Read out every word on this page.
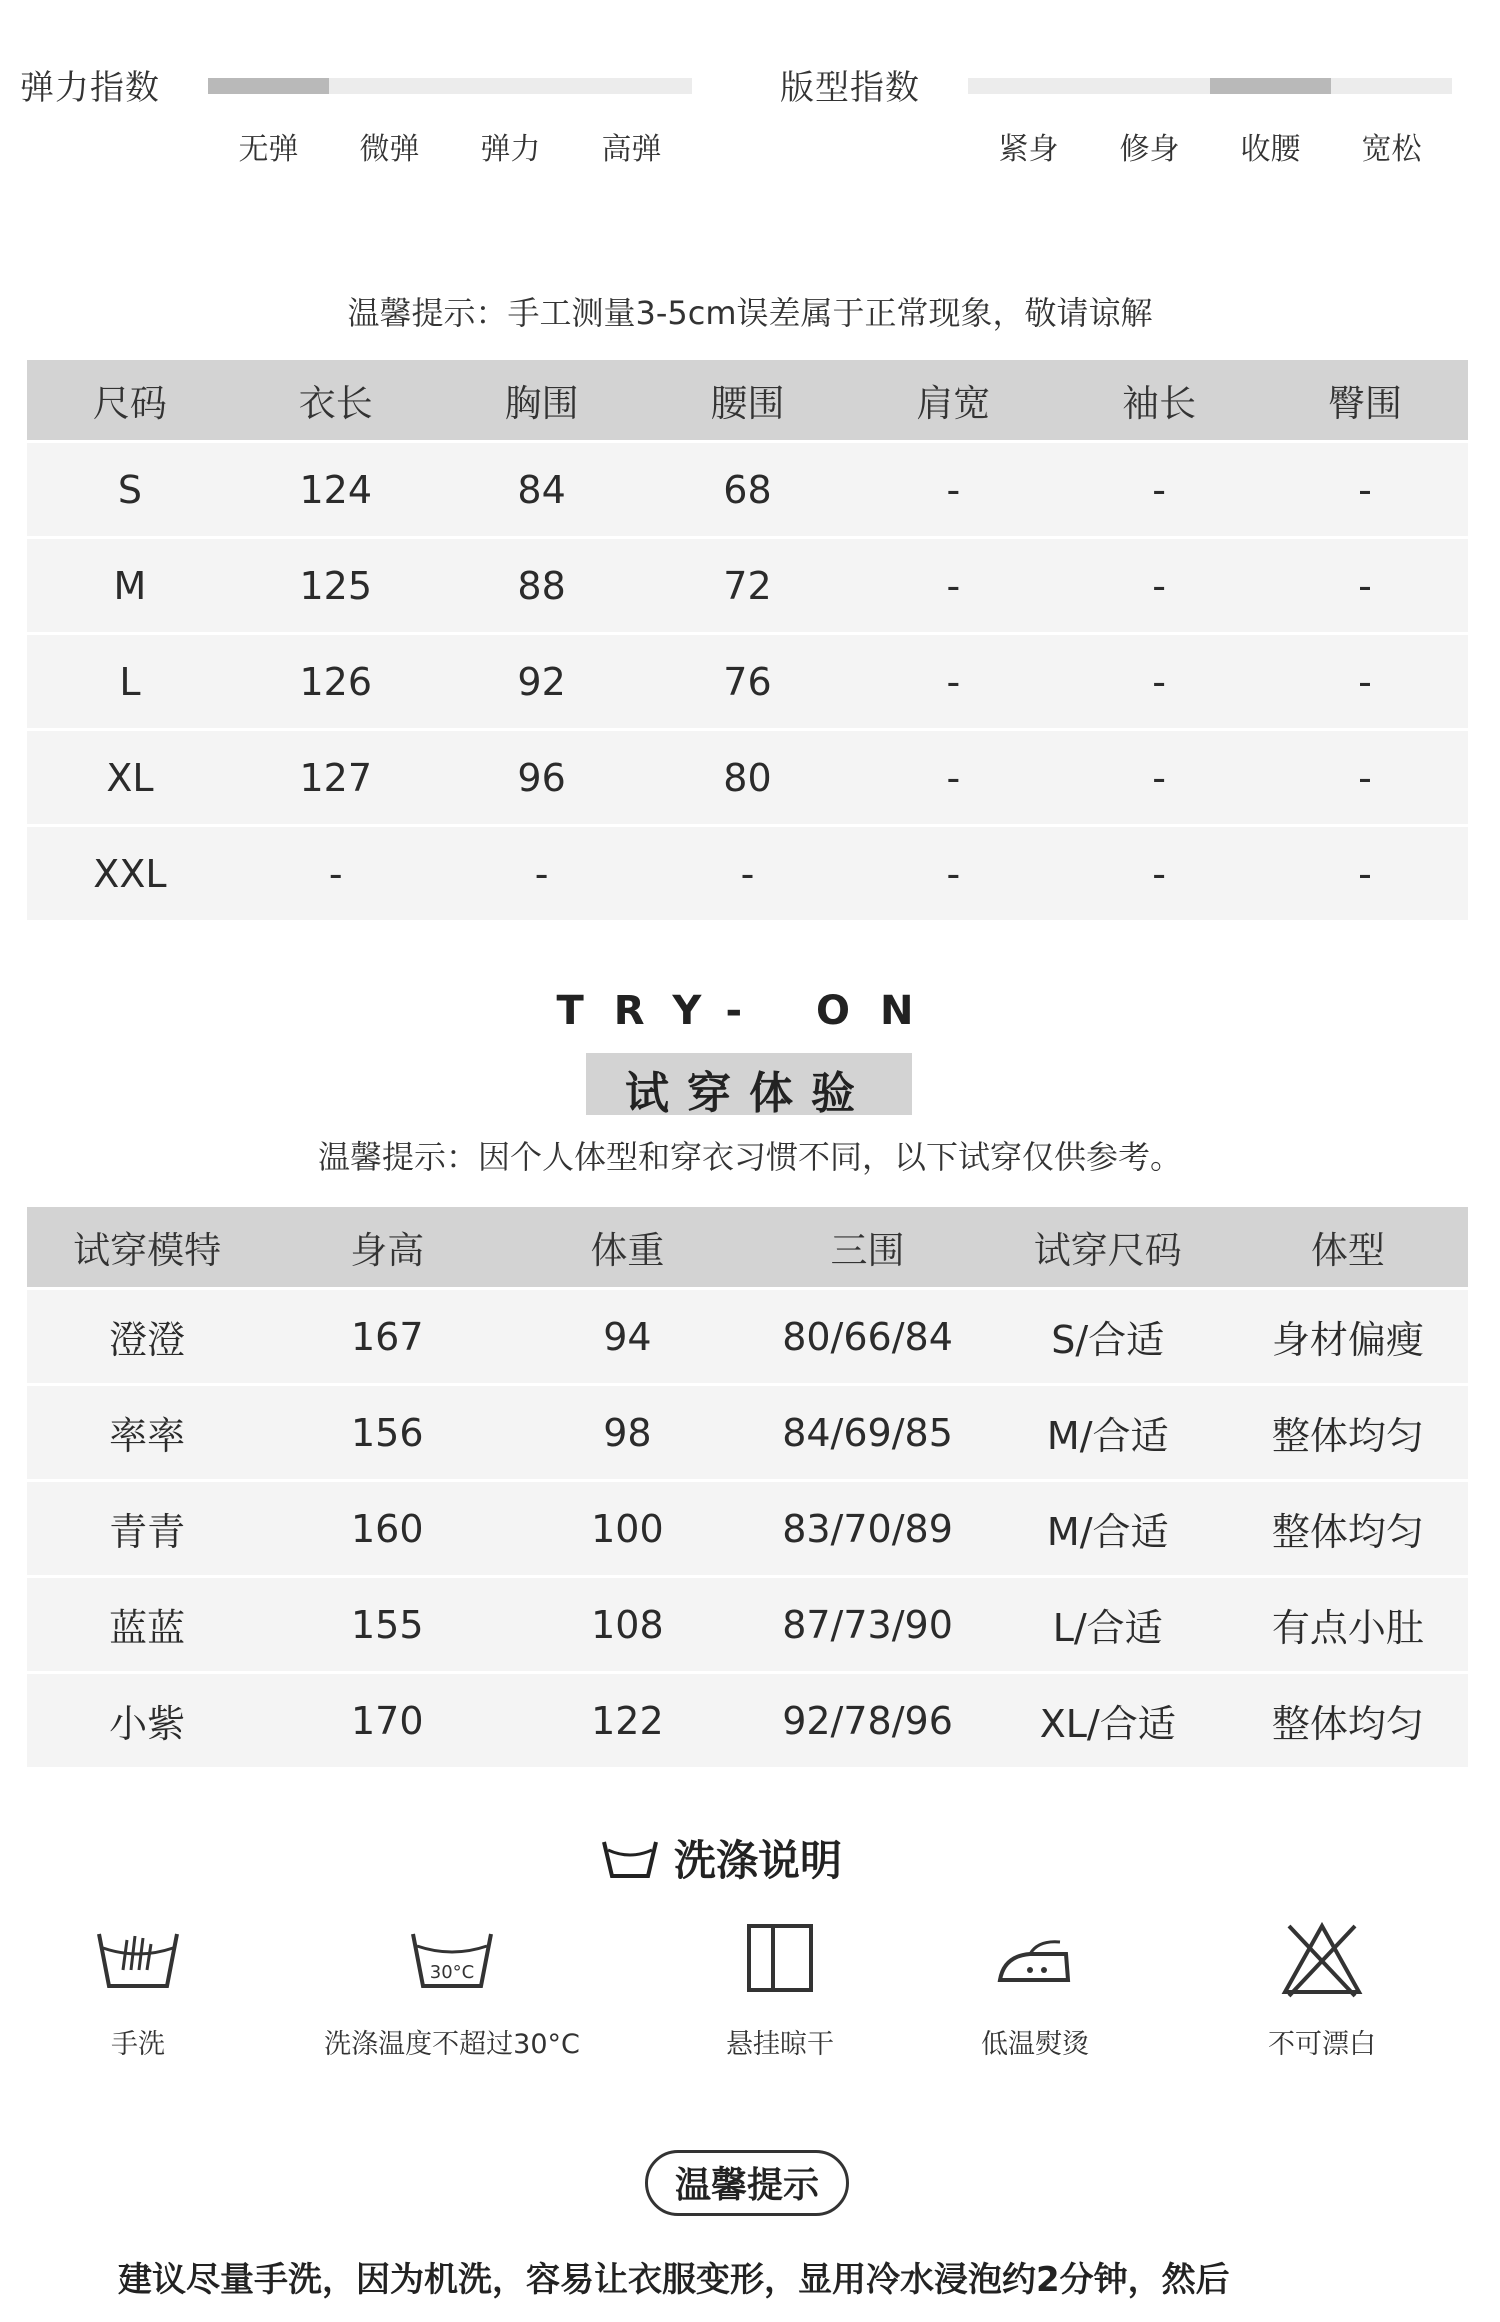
弹力指数
无弹	微弹	弹力	高弹
版型指数
紧身	修身	收腰	宽松
温馨提示：手工测量3-5cm误差属于正常现象，敬请谅解
尺码	衣长	胸围	腰围	肩宽	袖长	臀围
S	124	84	68	-	-	-
M	125	88	72	-	-	-
L	126	92	76	-	-	-
XL	127	96	80	-	-	-
XXL	-	-	-	-	-	-
TRY- ON
试穿体验
温馨提示：因个人体型和穿衣习惯不同，以下试穿仅供参考。
试穿模特	身高	体重	三围	试穿尺码	体型
澄澄	167	94	80/66/84	S/合适	身材偏瘦
率率	156	98	84/69/85	M/合适	整体均匀
青青	160	100	83/70/89	M/合适	整体均匀
蓝蓝	155	108	87/73/90	L/合适	有点小肚
小紫	170	122	92/78/96	XL/合适	整体均匀
洗涤说明
手洗
30°C
洗涤温度不超过30°C	悬挂晾干	低温熨烫	不可漂白
温馨提示
建议尽量手洗，因为机洗，容易让衣服变形，显用冷水浸泡约2分钟，然后
